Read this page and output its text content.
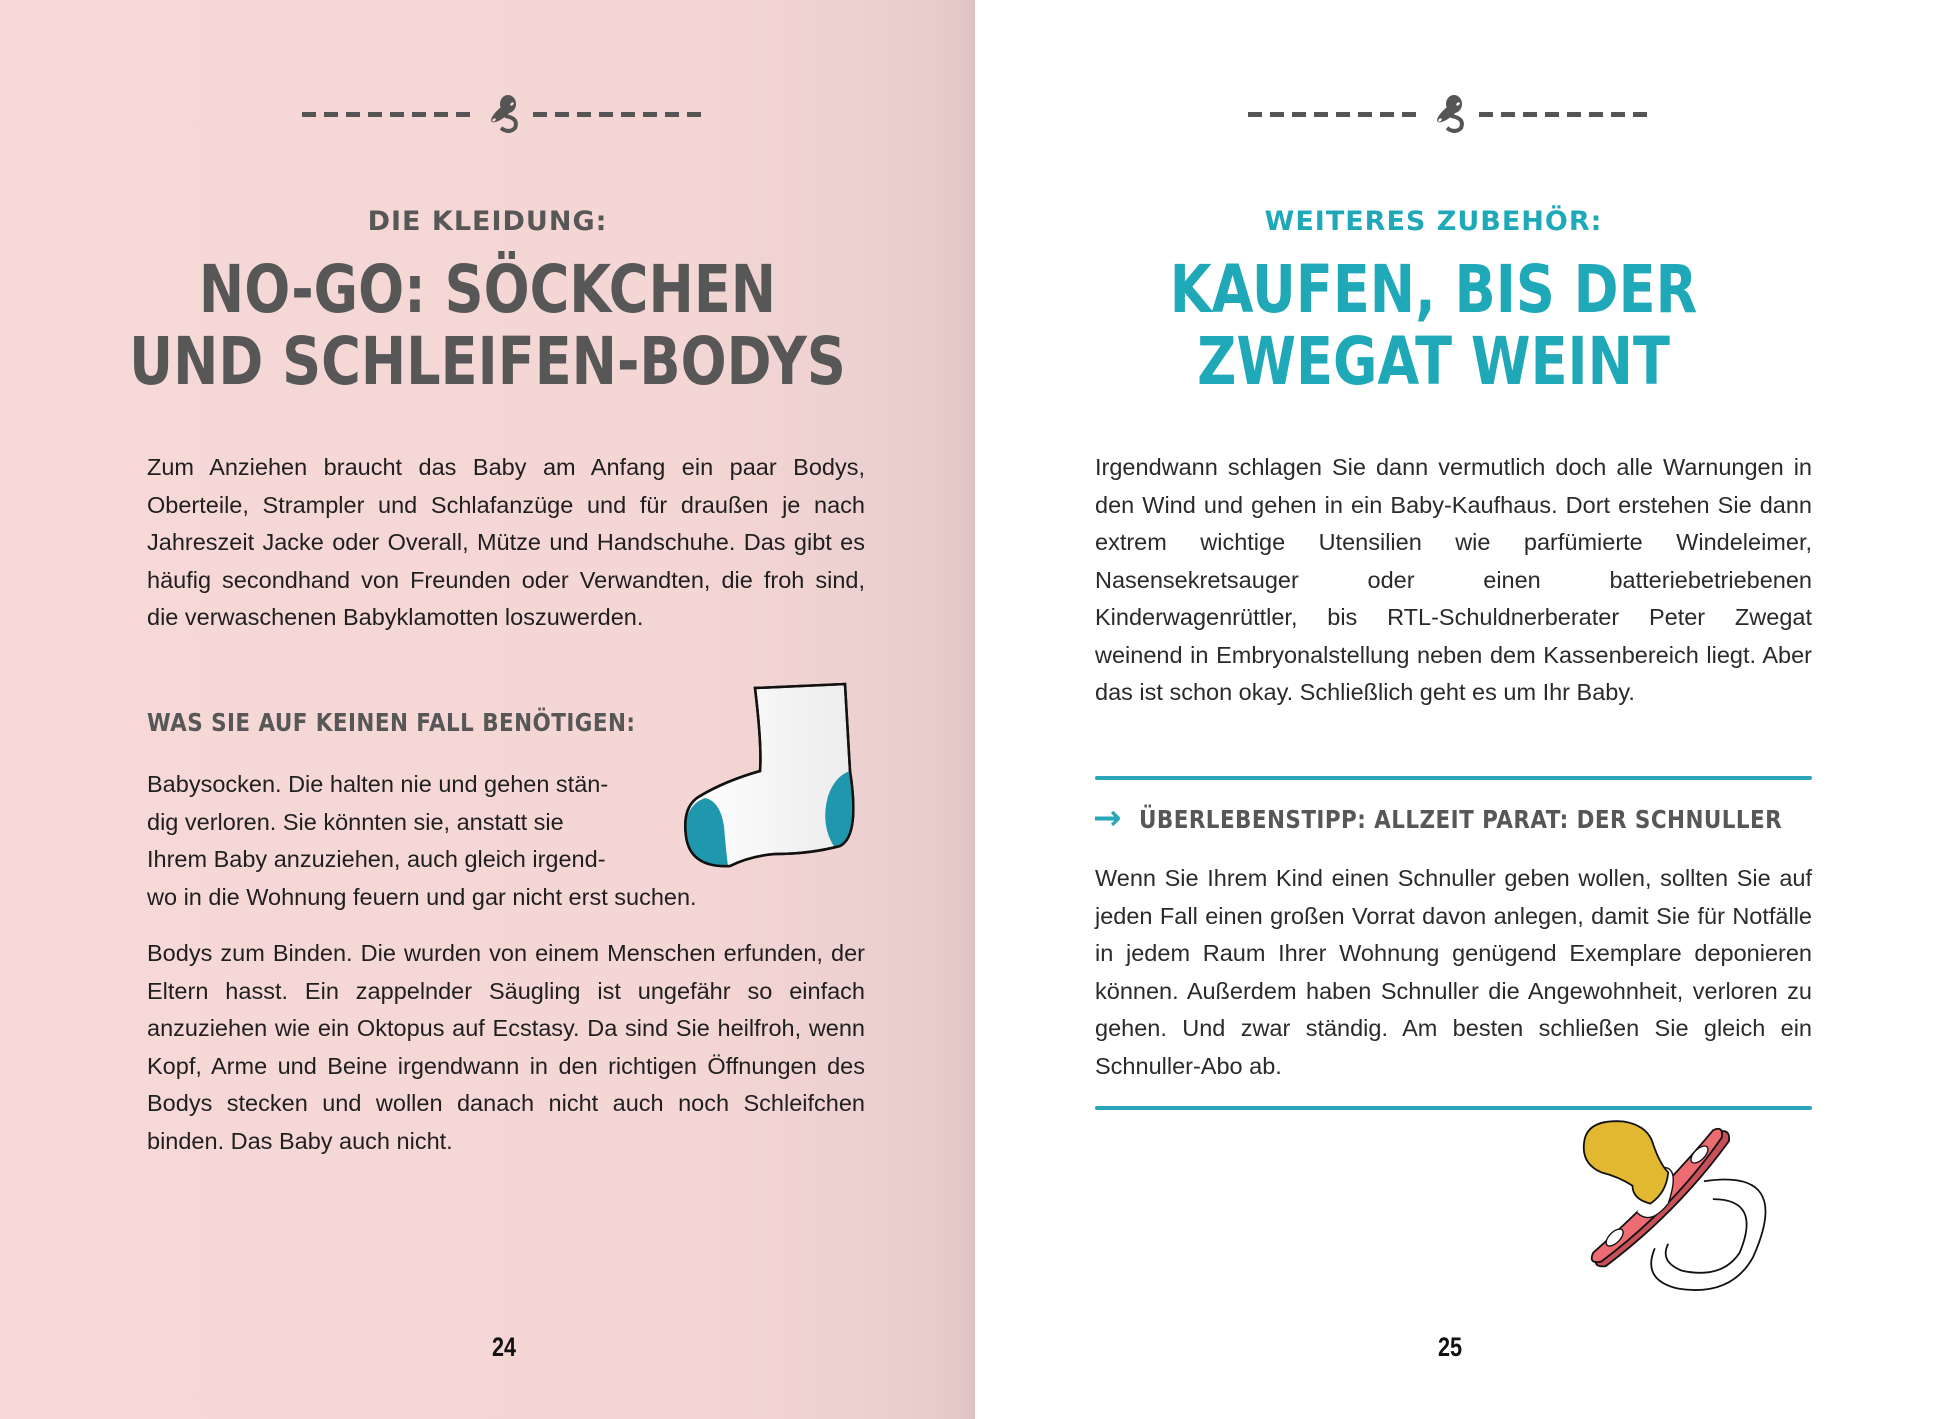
DIE KLEIDUNG:
NO-GO: SÖCKCHEN
UND SCHLEIFEN-BODYS

Zum Anziehen braucht das Baby am Anfang ein paar Bodys, Oberteile, Strampler und Schlafanzüge und für draußen je nach Jahreszeit Jacke oder Overall, Mütze und Handschuhe. Das gibt es häufig secondhand von Freunden oder Verwandten, die froh sind, die verwaschenen Babyklamotten loszuwerden.

WAS SIE AUF KEINEN FALL BENÖTIGEN:

Babysocken. Die halten nie und gehen stän-

dig verloren. Sie könnten sie, anstatt sie

Ihrem Baby anzuziehen, auch gleich irgend-

wo in die Wohnung feuern und gar nicht erst suchen.

Bodys zum Binden. Die wurden von einem Menschen erfunden, der Eltern hasst. Ein zappelnder Säugling ist ungefähr so einfach anzuziehen wie ein Oktopus auf Ecstasy. Da sind Sie heilfroh, wenn Kopf, Arme und Beine irgendwann in den richtigen Öffnungen des Bodys stecken und wollen danach nicht auch noch Schleifchen binden. Das Baby auch nicht.

24
WEITERES ZUBEHÖR:
KAUFEN, BIS DER
ZWEGAT WEINT

Irgendwann schlagen Sie dann vermutlich doch alle Warnungen in den Wind und gehen in ein Baby-Kaufhaus. Dort erstehen Sie dann extrem wichtige Utensilien wie parfümierte Windeleimer, Nasensekretsauger oder einen batteriebetriebenen Kinderwagenrüttler, bis RTL-Schuldnerberater Peter Zwegat weinend in Embryonalstellung neben dem Kassenbereich liegt. Aber das ist schon okay. Schließlich geht es um Ihr Baby.

→ ÜBERLEBENSTIPP: ALLZEIT PARAT: DER SCHNULLER

Wenn Sie Ihrem Kind einen Schnuller geben wollen, sollten Sie auf jeden Fall einen großen Vorrat davon anlegen, damit Sie für Notfälle in jedem Raum Ihrer Wohnung genügend Exemplare deponieren können. Außerdem haben Schnuller die Angewohnheit, verloren zu gehen. Und zwar ständig. Am besten schließen Sie gleich ein Schnuller-Abo ab.

25
